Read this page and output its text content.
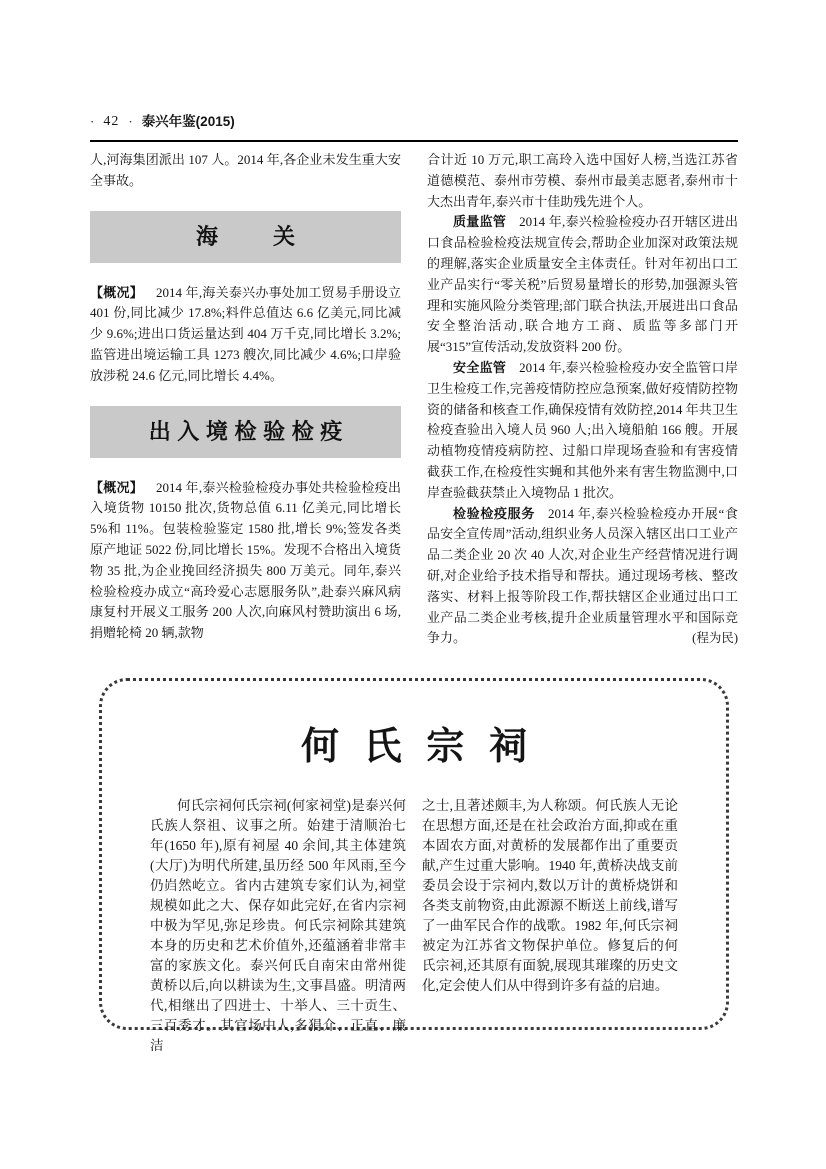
· 42 · 泰兴年鉴(2015)

人,河海集团派出 107 人。2014 年,各企业未发生重大安全事故。

海关

【概况】 2014 年,海关泰兴办事处加工贸易手册设立 401 份,同比减少 17.8%;料件总值达 6.6 亿美元,同比减少 9.6%;进出口货运量达到 404 万千克,同比增长 3.2%;监管进出境运输工具 1273 艘次,同比减少 4.6%;口岸验放涉税 24.6 亿元,同比增长 4.4%。

出入境检验检疫

【概况】 2014 年,泰兴检验检疫办事处共检验检疫出入境货物 10150 批次,货物总值 6.11 亿美元,同比增长 5%和 11%。包装检验鉴定 1580 批,增长 9%;签发各类原产地证 5022 份,同比增长 15%。发现不合格出入境货物 35 批,为企业挽回经济损失 800 万美元。同年,泰兴检验检疫办成立“高玲爱心志愿服务队”,赴泰兴麻风病康复村开展义工服务 200 人次,向麻风村赞助演出 6 场,捐赠轮椅 20 辆,款物

合计近 10 万元,职工高玲入选中国好人榜,当选江苏省道德模范、泰州市劳模、泰州市最美志愿者,泰州市十大杰出青年,泰兴市十佳助残先进个人。

质量监管 2014 年,泰兴检验检疫办召开辖区进出口食品检验检疫法规宣传会,帮助企业加深对政策法规的理解,落实企业质量安全主体责任。针对年初出口工业产品实行“零关税”后贸易量增长的形势,加强源头管理和实施风险分类管理;部门联合执法,开展进出口食品安全整治活动,联合地方工商、质监等多部门开展“315”宣传活动,发放资料 200 份。

安全监管 2014 年,泰兴检验检疫办安全监管口岸卫生检疫工作,完善疫情防控应急预案,做好疫情防控物资的储备和核查工作,确保疫情有效防控,2014 年共卫生检疫查验出入境人员 960 人;出入境船舶 166 艘。开展动植物疫情疫病防控、过船口岸现场查验和有害疫情截获工作,在检疫性实蝇和其他外来有害生物监测中,口岸查验截获禁止入境物品 1 批次。

检验检疫服务 2014 年,泰兴检验检疫办开展“食品安全宣传周”活动,组织业务人员深入辖区出口工业产品二类企业 20 次 40 人次,对企业生产经营情况进行调研,对企业给予技术指导和帮扶。通过现场考核、整改落实、材料上报等阶段工作,帮扶辖区企业通过出口工业产品二类企业考核,提升企业质量管理水平和国际竞争力。	(程为民)

何氏宗祠

何氏宗祠何氏宗祠(何家祠堂)是泰兴何氏族人祭祖、议事之所。始建于清顺治七年(1650 年),原有祠屋 40 余间,其主体建筑(大厅)为明代所建,虽历经 500 年风雨,至今仍岿然屹立。省内古建筑专家们认为,祠堂规模如此之大、保存如此完好,在省内宗祠中极为罕见,弥足珍贵。何氏宗祠除其建筑本身的历史和艺术价值外,还蕴涵着非常丰富的家族文化。泰兴何氏自南宋由常州徙黄桥以后,向以耕读为生,文事昌盛。明清两代,相继出了四进士、十举人、三十贡生、三百秀才。其官场中人,多狷介、正直、廉洁

之士,且著述颇丰,为人称颂。何氏族人无论在思想方面,还是在社会政治方面,抑或在重本固农方面,对黄桥的发展都作出了重要贡献,产生过重大影响。1940 年,黄桥决战支前委员会设于宗祠内,数以万计的黄桥烧饼和各类支前物资,由此源源不断送上前线,谱写了一曲军民合作的战歌。1982 年,何氏宗祠被定为江苏省文物保护单位。修复后的何氏宗祠,还其原有面貌,展现其璀璨的历史文化,定会使人们从中得到许多有益的启迪。
